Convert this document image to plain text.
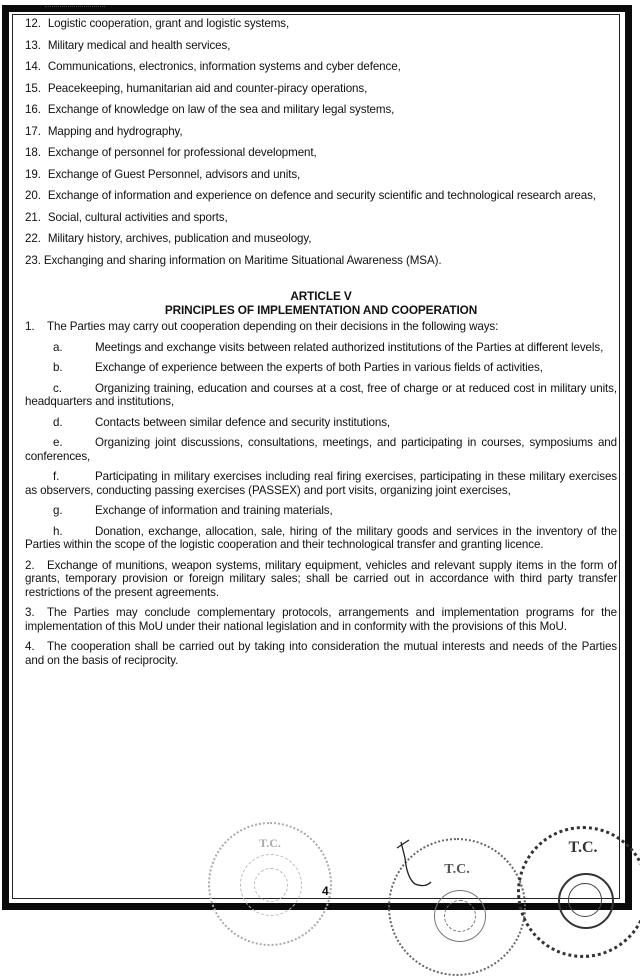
12. Logistic cooperation, grant and logistic systems,
13. Military medical and health services,
14. Communications, electronics, information systems and cyber defence,
15. Peacekeeping, humanitarian aid and counter-piracy operations,
16. Exchange of knowledge on law of the sea and military legal systems,
17. Mapping and hydrography,
18. Exchange of personnel for professional development,
19. Exchange of Guest Personnel, advisors and units,
20. Exchange of information and experience on defence and security scientific and technological research areas,
21. Social, cultural activities and sports,
22. Military history, archives, publication and museology,
23. Exchanging and sharing information on Maritime Situational Awareness (MSA).
ARTICLE V
PRINCIPLES OF IMPLEMENTATION AND COOPERATION
1. The Parties may carry out cooperation depending on their decisions in the following ways:
a.	Meetings and exchange visits between related authorized institutions of the Parties at different levels,
b.	Exchange of experience between the experts of both Parties in various fields of activities,
c.	Organizing training, education and courses at a cost, free of charge or at reduced cost in military units, headquarters and institutions,
d.	Contacts between similar defence and security institutions,
e.	Organizing joint discussions, consultations, meetings, and participating in courses, symposiums and conferences,
f.	Participating in military exercises including real firing exercises, participating in these military exercises as observers, conducting passing exercises (PASSEX) and port visits, organizing joint exercises,
g.	Exchange of information and training materials,
h.	Donation, exchange, allocation, sale, hiring of the military goods and services in the inventory of the Parties within the scope of the logistic cooperation and their technological transfer and granting licence.
2. Exchange of munitions, weapon systems, military equipment, vehicles and relevant supply items in the form of grants, temporary provision or foreign military sales; shall be carried out in accordance with third party transfer restrictions of the present agreements.
3. The Parties may conclude complementary protocols, arrangements and implementation programs for the implementation of this MoU under their national legislation and in conformity with the provisions of this MoU.
4. The cooperation shall be carried out by taking into consideration the mutual interests and needs of the Parties and on the basis of reciprocity.
T.C.
T.C.
T.C.
4
